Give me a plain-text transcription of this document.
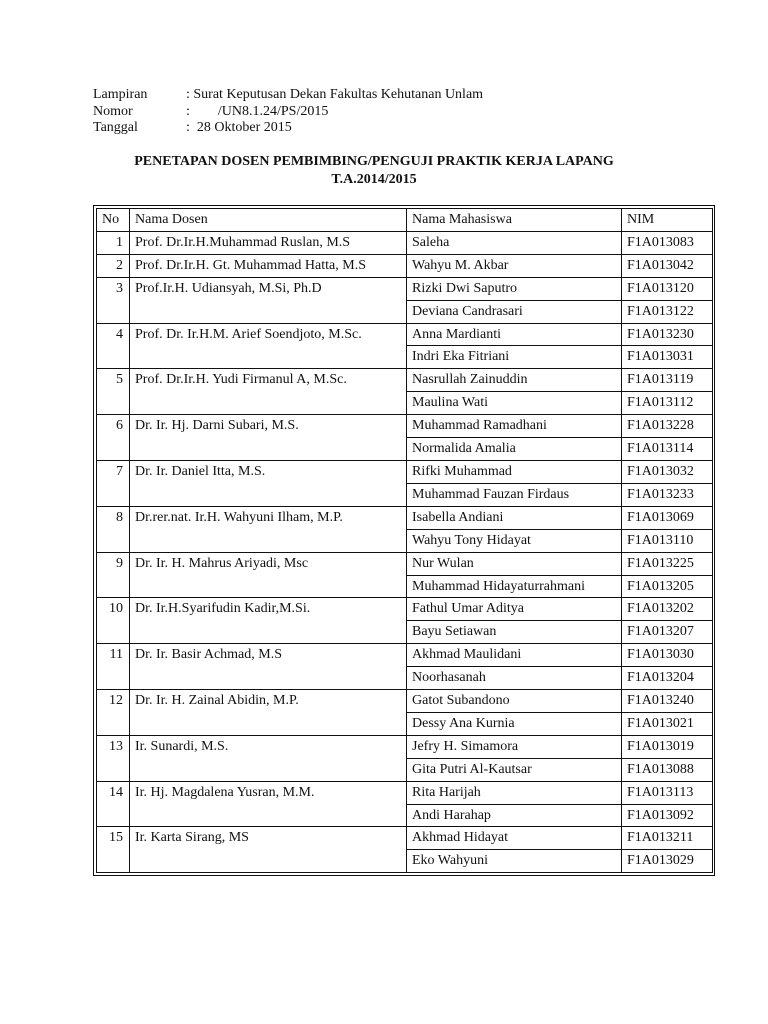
Lampiran

	: Surat Keputusan Dekan Fakultas Kehutanan Unlam

Nomor

	:        /UN8.1.24/PS/2015

Tanggal

	:  28 Oktober 2015

PENETAPAN DOSEN PEMBIMBING/PENGUJI PRAKTIK KERJA LAPANG
T.A.2014/2015
No	Nama Dosen	Nama Mahasiswa	NIM
1	Prof. Dr.Ir.H.Muhammad Ruslan, M.S	Saleha	F1A013083
2	Prof. Dr.Ir.H. Gt. Muhammad Hatta, M.S	Wahyu M. Akbar	F1A013042
3	Prof.Ir.H. Udiansyah, M.Si, Ph.D	Rizki Dwi Saputro	F1A013120
		Deviana Candrasari	F1A013122
4	Prof. Dr. Ir.H.M. Arief Soendjoto, M.Sc.	Anna Mardianti	F1A013230
		Indri Eka Fitriani	F1A013031
5	Prof. Dr.Ir.H. Yudi Firmanul A, M.Sc.	Nasrullah Zainuddin	F1A013119
		Maulina Wati	F1A013112
6	Dr. Ir. Hj. Darni Subari, M.S.	Muhammad Ramadhani	F1A013228
		Normalida Amalia	F1A013114
7	Dr. Ir. Daniel Itta, M.S.	Rifki Muhammad	F1A013032
		Muhammad Fauzan Firdaus	F1A013233
8	Dr.rer.nat. Ir.H. Wahyuni Ilham, M.P.	Isabella Andiani	F1A013069
		Wahyu Tony Hidayat	F1A013110
9	Dr. Ir. H. Mahrus Ariyadi, Msc	Nur Wulan	F1A013225
		Muhammad Hidayaturrahmani	F1A013205
10	Dr. Ir.H.Syarifudin Kadir,M.Si.	Fathul Umar Aditya	F1A013202
		Bayu Setiawan	F1A013207
11	Dr. Ir. Basir Achmad, M.S	Akhmad Maulidani	F1A013030
		Noorhasanah	F1A013204
12	Dr. Ir. H. Zainal Abidin, M.P.	Gatot Subandono	F1A013240
		Dessy Ana Kurnia	F1A013021
13	Ir. Sunardi, M.S.	Jefry H. Simamora	F1A013019
		Gita Putri Al-Kautsar	F1A013088
14	Ir. Hj. Magdalena Yusran, M.M.	Rita Harijah	F1A013113
		Andi Harahap	F1A013092
15	Ir. Karta Sirang, MS	Akhmad Hidayat	F1A013211
		Eko Wahyuni	F1A013029
